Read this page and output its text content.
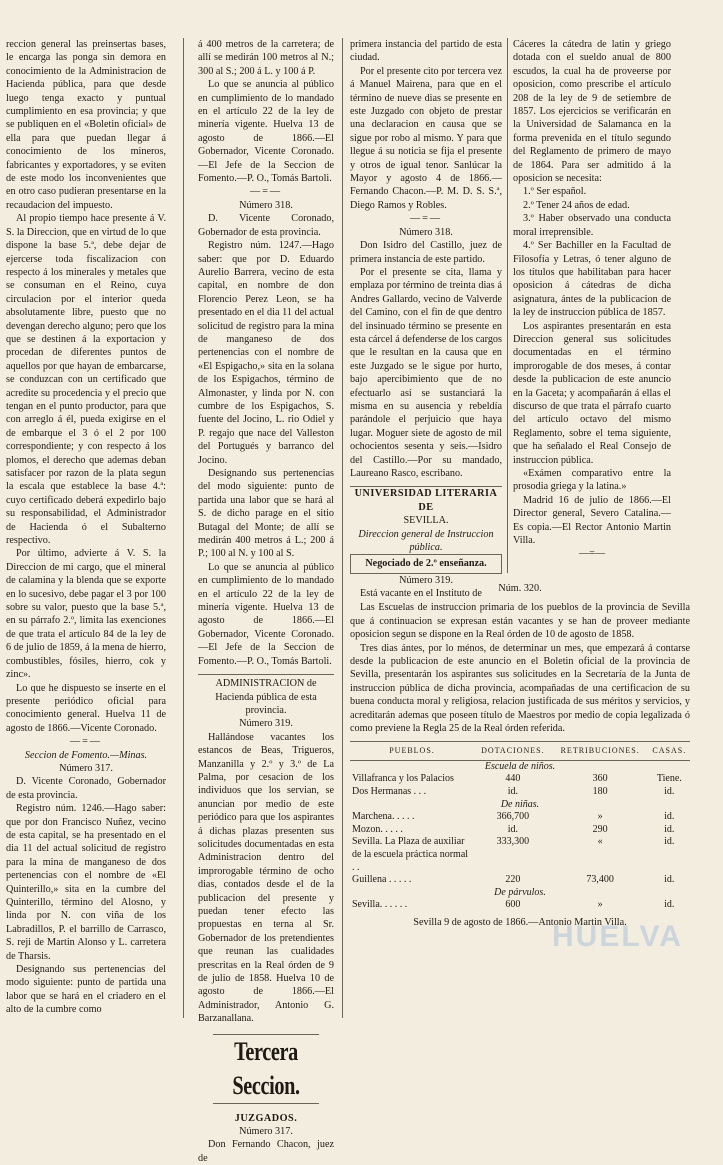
reccion general las preinsertas bases, le encarga las ponga sin demora en conocimiento de la Administracion de Hacienda pública, para que desde luego tenga exacto y puntual cumplimiento en esa provincia; y que se publiquen en el «Boletin oficial» de ella para que puedan llegar á conocimiento de los mineros, fabricantes y exportadores, y se eviten de este modo los inconvenientes que en otro caso pudieran presentarse en la recaudacion del impuesto.

Al propio tiempo hace presente á V. S. la Direccion, que en virtud de lo que dispone la base 5.ª, debe dejar de ejercerse toda fiscalizacion con respecto á los minerales y metales que se consuman en el Reino, cuya circulacion por el interior queda absolutamente libre, puesto que no devengan derecho alguno; pero que los que se destinen á la exportacion y procedan de diferentes puntos de aquellos por que hayan de embarcarse, se conduzcan con un certificado que acredite su procedencia y el precio que tengan en el punto productor, para que con arreglo á él, pueda exigirse en el de embarque el 3 ó el 2 por 100 correspondiente; y con respecto á los plomos, el derecho que ademas deban satisfacer por razon de la plata segun la escala que establece la base 4.ª: cuyo certificado deberá expedirlo bajo su responsabilidad, el Administrador de Hacienda ó el Subalterno respectivo.

Por último, advierte á V. S. la Direccion de mi cargo, que el mineral de calamina y la blenda que se exporte en lo sucesivo, debe pagar el 3 por 100 sobre su valor, puesto que la base 5.ª, en su párrafo 2.º, limita las exenciones de que trata el artículo 84 de la ley de 6 de julio de 1859, á la mena de hierro, combustibles, fósiles, hierro, cok y zinc».

Lo que he dispuesto se inserte en el presente periódico oficial para conocimiento general. Huelva 11 de agosto de 1866.—Vicente Coronado.

—=—

Seccion de Fomento.—Minas.

Número 317.

D. Vicente Coronado, Gobernador de esta provincia.

Registro núm. 1246.—Hago saber: que por don Francisco Nuñez, vecino de esta capital, se ha presentado en el dia 11 del actual solicitud de registro para la mina de manganeso de dos pertenencias con el nombre de «El Quinterillo,» sita en la cumbre del Quinterillo, término del Alosno, y linda por N. con viña de los Labradillos, P. el barrillo de Carrasco, S. reji de Martin Alonso y L. carretera de Tharsis.

Designando sus pertenencias del modo siguiente: punto de partida una labor que se hará en el criadero en el alto de la cumbre como

á 400 metros de la carretera; de allí se medirán 100 metros al N.; 300 al S.; 200 á L. y 100 á P.

Lo que se anuncia al público en cumplimiento de lo mandado en el artículo 22 de la ley de minería vigente. Huelva 13 de agosto de 1866.—El Gobernador, Vicente Coronado.—El Jefe de la Seccion de Fomento.—P. O., Tomás Bartoli.

—=—

Número 318.

D. Vicente Coronado, Gobernador de esta provincia.

Registro núm. 1247.—Hago saber: que por D. Eduardo Aurelio Barrera, vecino de esta capital, en nombre de don Florencio Perez Leon, se ha presentado en el dia 11 del actual solicitud de registro para la mina de manganeso de dos pertenencias con el nombre de «El Espigacho,» sita en la solana de los Espigachos, término de Almonaster, y linda por N. con cumbre de los Espigachos, S. fuente del Jocino, L. rio Odiel y P. regajo que nace del Valleston del Portugués y barranco del Jocino.

Designando sus pertenencias del modo siguiente: punto de partida una labor que se hará al S. de dicho parage en el sitio Butagal del Monte; de allí se medirán 400 metros á L.; 200 á P.; 100 al N. y 100 al S.

Lo que se anuncia al público en cumplimiento de lo mandado en el artículo 22 de la ley de minería vigente. Huelva 13 de agosto de 1866.—El Gobernador, Vicente Coronado.—El Jefe de la Seccion de Fomento.—P. O., Tomás Bartoli.

ADMINISTRACION de Hacienda pública de esta provincia.

Número 319.

Hallándose vacantes los estancos de Beas, Trigueros, Manzanilla y 2.º y 3.º de La Palma, por cesacion de los individuos que los servian, se anuncian por medio de este periódico para que los aspirantes á dichas plazas presenten sus solicitudes documentadas en esta Administracion dentro del improrogable término de ocho dias, contados desde el de la publicacion del presente y puedan tener efecto las propuestas en terna al Sr. Gobernador de los pretendientes que reunan las cualidades prescritas en la Real órden de 9 de julio de 1858. Huelva 10 de agosto de 1866.—El Administrador, Antonio G. Barzanallana.

Tercera Seccion.

JUZGADOS.

Número 317.

Don Fernando Chacon, juez de

primera instancia del partido de esta ciudad.

Por el presente cito por tercera vez á Manuel Mairena, para que en el término de nueve dias se presente en este Juzgado con objeto de prestar una declaracion en causa que se sigue por robo al mismo. Y para que llegue á su noticia se fija el presente y otros de igual tenor. Sanlúcar la Mayor y agosto 4 de 1866.—Fernando Chacon.—P. M. D. S. S.ª, Diego Ramos y Robles.

—=—

Número 318.

Don Isidro del Castillo, juez de primera instancia de este partido.

Por el presente se cita, llama y emplaza por término de treinta dias á Andres Gallardo, vecino de Valverde del Camino, con el fin de que dentro del insinuado término se presente en esta cárcel á defenderse de los cargos que le resultan en la causa que en este Juzgado se le sigue por hurto, bajo apercibimiento que de no efectuarlo así se sustanciará la misma en su ausencia y rebeldía parándole el perjuicio que haya lugar. Moguer siete de agosto de mil ochocientos sesenta y seis.—Isidro del Castillo.—Por su mandado, Laureano Rasco, escribano.

UNIVERSIDAD LITERARIA DE

SEVILLA.

Direccion general de Instruccion pública.

Negociado de 2.º enseñanza.

Número 319.

Está vacante en el Instituto de

Cáceres la cátedra de latin y griego dotada con el sueldo anual de 800 escudos, la cual ha de proveerse por oposicion, como prescribe el artículo 208 de la ley de 9 de setiembre de 1857. Los ejercicios se verificarán en la Universidad de Salamanca en la forma prevenida en el título segundo del Reglamento de primero de mayo de 1864. Para ser admitido á la oposicion se necesita:

1.º Ser español.

2.º Tener 24 años de edad.

3.º Haber observado una conducta moral irreprensible.

4.º Ser Bachiller en la Facultad de Filosofía y Letras, ó tener alguno de los títulos que habilitaban para hacer oposicion á cátedras de dicha asignatura, ántes de la publicacion de la ley de instruccion pública de 1857.

Los aspirantes presentarán en esta Direccion general sus solicitudes documentadas en el término improrogable de dos meses, á contar desde la publicacion de este anuncio en la Gaceta; y acompañarán á ellas el discurso de que trata el párrafo cuarto del artículo octavo del mismo Reglamento, sobre el tema siguiente, que ha señalado el Real Consejo de instruccion pública.

«Exámen comparativo entre la prosodia griega y la latina.»

Madrid 16 de julio de 1866.—El Director general, Severo Catalina.—Es copia.—El Rector Antonio Martin Villa.

—=—

Núm. 320.

Las Escuelas de instruccion primaria de los pueblos de la provincia de Sevilla que á continuacion se expresan están vacantes y se han de proveer mediante oposicion segun se dispone en la Real órden de 10 de agosto de 1858.

Tres dias ántes, por lo ménos, de determinar un mes, que empezará á contarse desde la publicacion de este anuncio en el Boletin oficial de la provincia de Sevilla, presentarán los aspirantes sus solicitudes en la Secretaría de la Junta de instruccion pública de dicha provincia, acompañadas de una certificacion de su buena conducta moral y religiosa, relacion justificada de sus méritos y servicios, y acreditarán ademas que poseen título de Maestros por medio de copia legalizada ó como previene la Regla 25 de la Real órden referida.

PUEBLOS.	DOTACIONES.	RETRIBUCIONES.	CASAS.
Escuela de niños.			
Villafranca y los Palacios	440	360	Tiene.
Dos Hermanas . . .	id.	180	id.
De niñas.			
Marchena. . . . .	366,700	»	id.
Mozon. . . . .	id.	290	id.
Sevilla. La Plaza de auxiliar de la escuela práctica normal . .	333,300	«	id.
Guillena . . . . .	220	73,400	id.
De párvulos.			
Sevilla. . . . . .	600	»	id.

Sevilla 9 de agosto de 1866.—Antonio Martin Villa.

HUELVA
